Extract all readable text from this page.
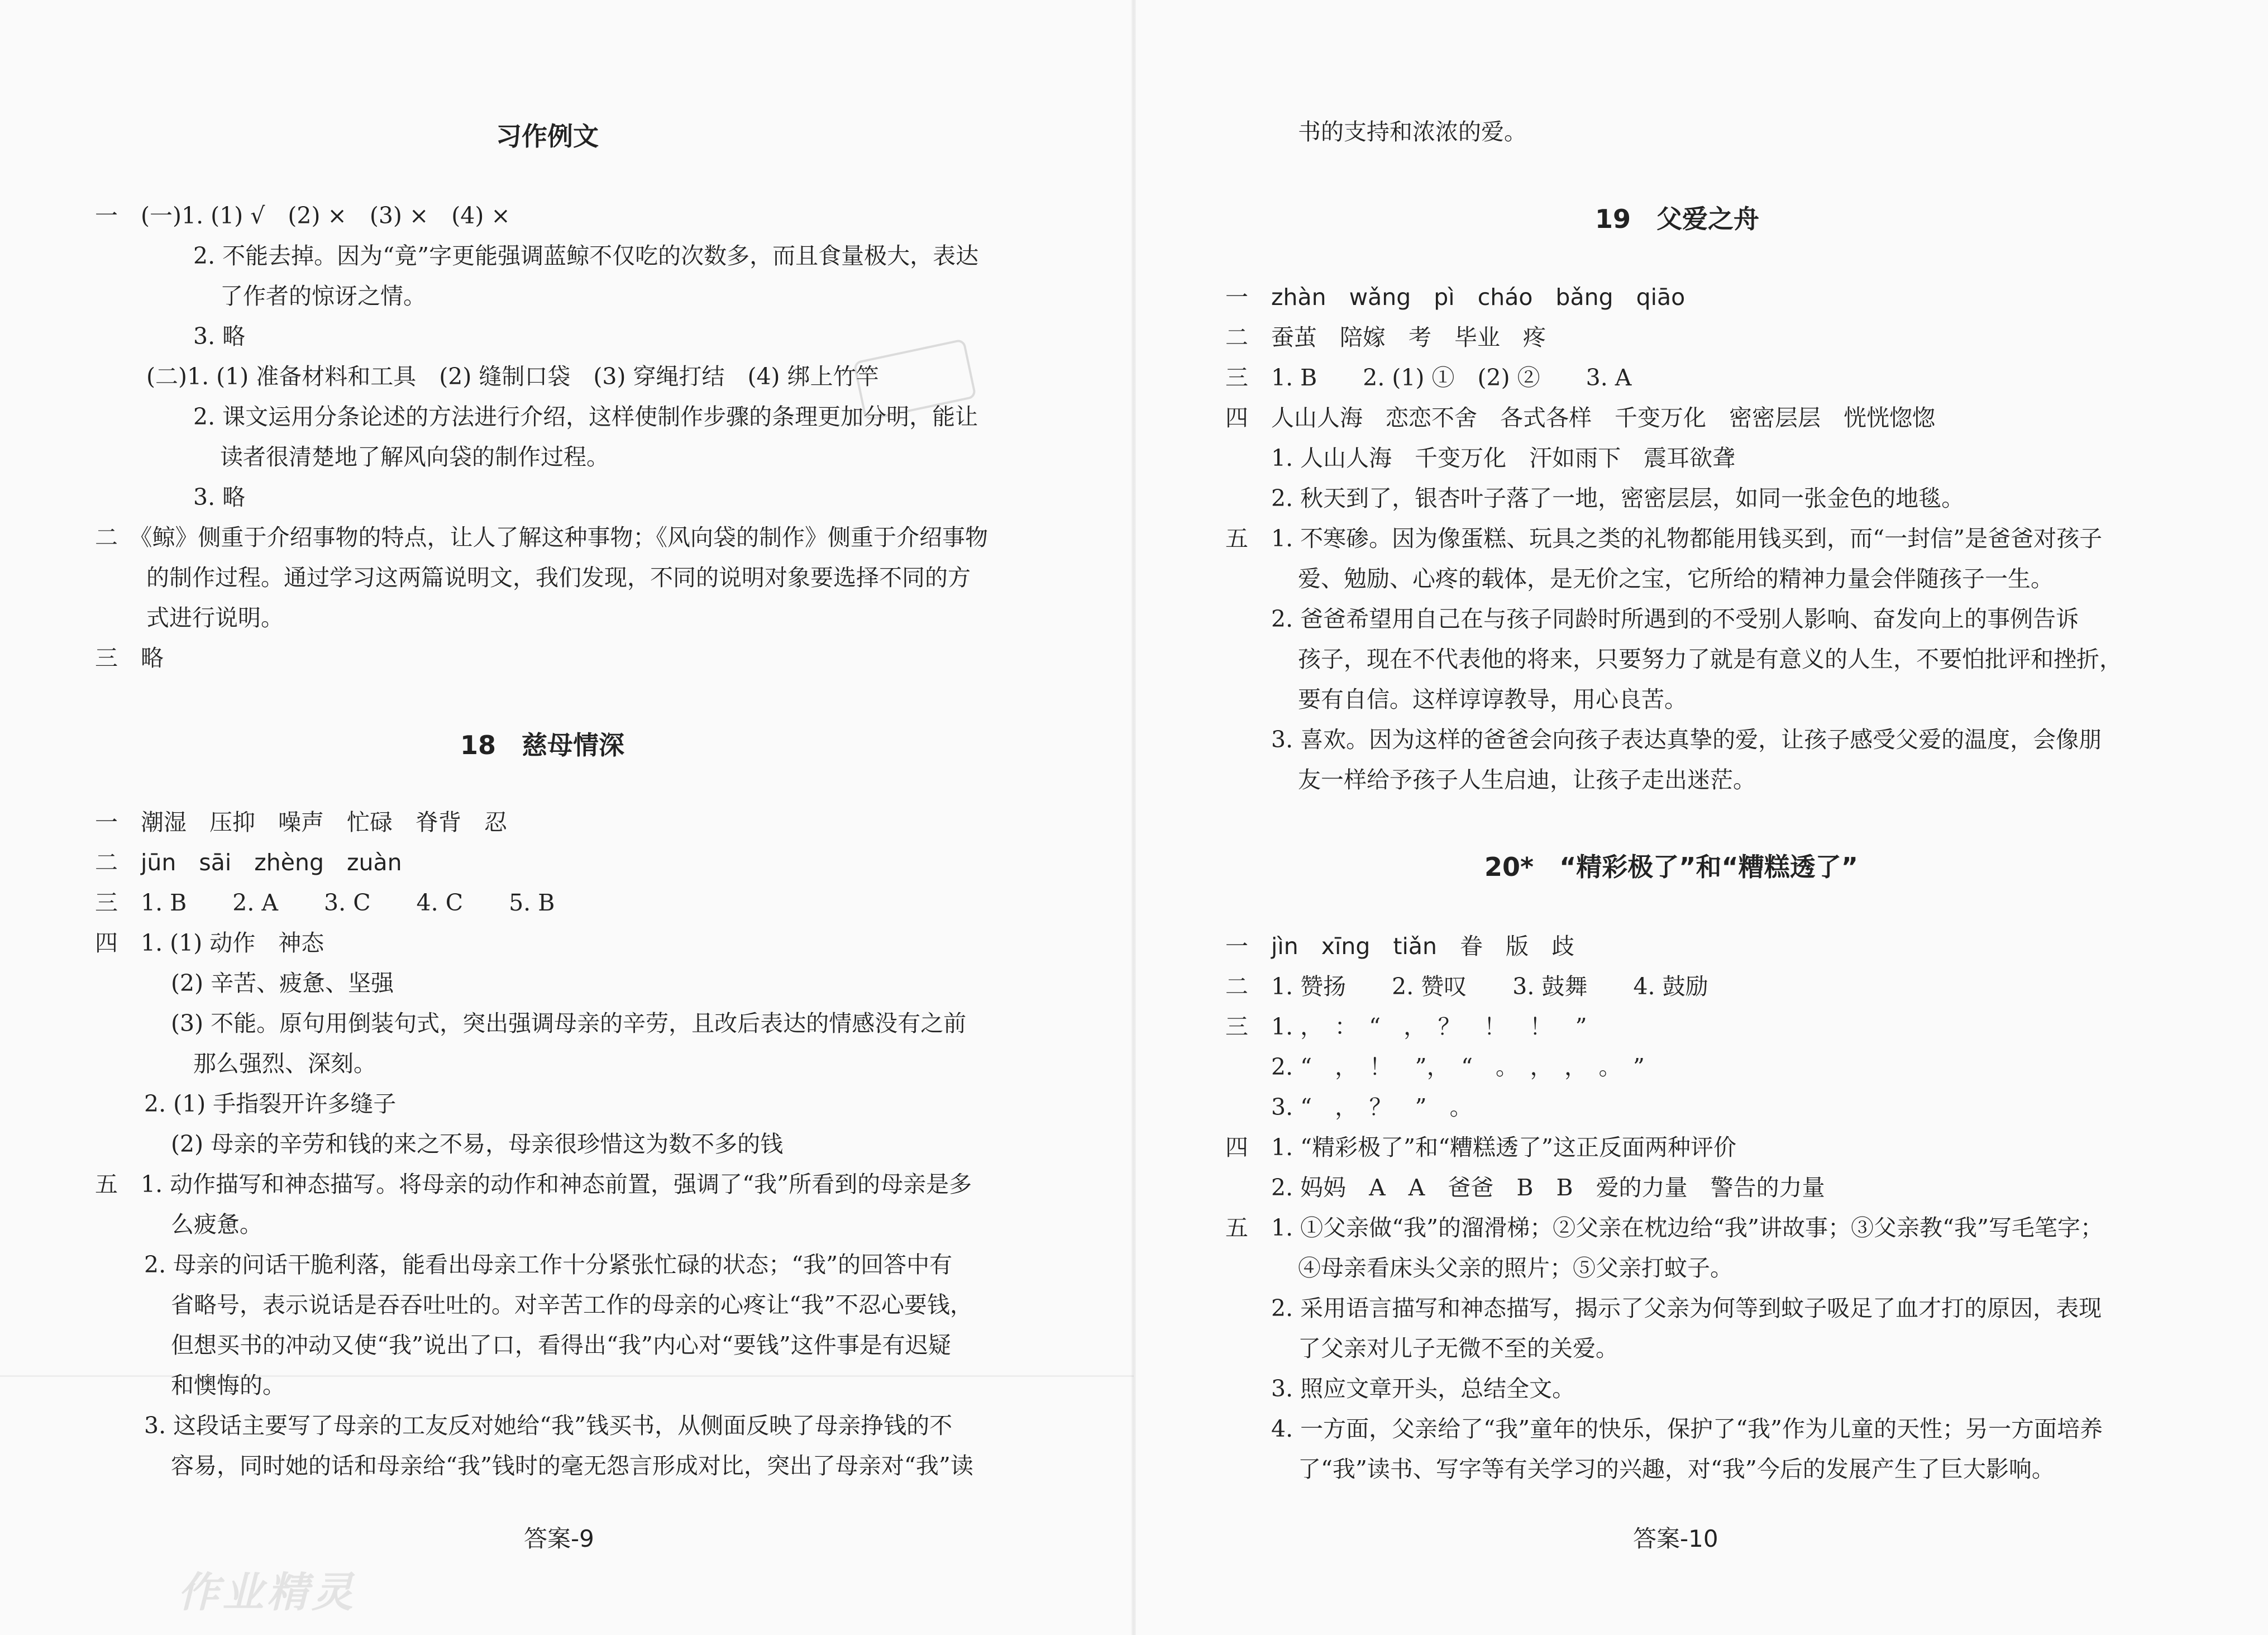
习作例文
一　(一)1. (1) √　(2) ×　(3) ×　(4) ×
2. 不能去掉。因为“竟”字更能强调蓝鲸不仅吃的次数多，而且食量极大，表达
了作者的惊讶之情。
3. 略
(二)1. (1) 准备材料和工具　(2) 缝制口袋　(3) 穿绳打结　(4) 绑上竹竿
2. 课文运用分条论述的方法进行介绍，这样使制作步骤的条理更加分明，能让
读者很清楚地了解风向袋的制作过程。
3. 略
二　《鲸》侧重于介绍事物的特点，让人了解这种事物；《风向袋的制作》侧重于介绍事物
的制作过程。通过学习这两篇说明文，我们发现，不同的说明对象要选择不同的方
式进行说明。
三　略
18　慈母情深
一　潮湿　压抑　噪声　忙碌　脊背　忍
二　jūn　sāi　zhèng　zuàn
三　1. B　　2. A　　3. C　　4. C　　5. B
四　1. (1) 动作　神态
(2) 辛苦、疲惫、坚强
(3) 不能。原句用倒装句式，突出强调母亲的辛劳，且改后表达的情感没有之前
那么强烈、深刻。
2. (1) 手指裂开许多缝子
(2) 母亲的辛劳和钱的来之不易，母亲很珍惜这为数不多的钱
五　1. 动作描写和神态描写。将母亲的动作和神态前置，强调了“我”所看到的母亲是多
么疲惫。
2. 母亲的问话干脆利落，能看出母亲工作十分紧张忙碌的状态；“我”的回答中有
省略号，表示说话是吞吞吐吐的。对辛苦工作的母亲的心疼让“我”不忍心要钱，
但想买书的冲动又使“我”说出了口，看得出“我”内心对“要钱”这件事是有迟疑
和懊悔的。
3. 这段话主要写了母亲的工友反对她给“我”钱买书，从侧面反映了母亲挣钱的不
容易，同时她的话和母亲给“我”钱时的毫无怨言形成对比，突出了母亲对“我”读
答案-9
书的支持和浓浓的爱。
19　父爱之舟
一　zhàn　wǎng　pì　cháo　bǎng　qiāo
二　蚕茧　陪嫁　考　毕业　疼
三　1. B　　2. (1) ①　(2) ②　　3. A
四　人山人海　恋恋不舍　各式各样　千变万化　密密层层　恍恍惚惚
1. 人山人海　千变万化　汗如雨下　震耳欲聋
2. 秋天到了，银杏叶子落了一地，密密层层，如同一张金色的地毯。
五　1. 不寒碜。因为像蛋糕、玩具之类的礼物都能用钱买到，而“一封信”是爸爸对孩子
爱、勉励、心疼的载体，是无价之宝，它所给的精神力量会伴随孩子一生。
2. 爸爸希望用自己在与孩子同龄时所遇到的不受别人影响、奋发向上的事例告诉
孩子，现在不代表他的将来，只要努力了就是有意义的人生，不要怕批评和挫折，
要有自信。这样谆谆教导，用心良苦。
3. 喜欢。因为这样的爸爸会向孩子表达真挚的爱，让孩子感受父爱的温度，会像朋
友一样给予孩子人生启迪，让孩子走出迷茫。
20*　“精彩极了”和“糟糕透了”
一　jìn　xīng　tiǎn　眷　版　歧
二　1. 赞扬　　2. 赞叹　　3. 鼓舞　　4. 鼓励
三　1. ，　：　“　，　？　！　！　”
2. “　，　！　”，　“　。　，　，　。　”
3. “　，　？　”　。
四　1. “精彩极了”和“糟糕透了”这正反面两种评价
2. 妈妈　A　A　爸爸　B　B　爱的力量　警告的力量
五　1. ①父亲做“我”的溜滑梯；②父亲在枕边给“我”讲故事；③父亲教“我”写毛笔字；
④母亲看床头父亲的照片；⑤父亲打蚊子。
2. 采用语言描写和神态描写，揭示了父亲为何等到蚊子吸足了血才打的原因，表现
了父亲对儿子无微不至的关爱。
3. 照应文章开头，总结全文。
4. 一方面，父亲给了“我”童年的快乐，保护了“我”作为儿童的天性；另一方面培养
了“我”读书、写字等有关学习的兴趣，对“我”今后的发展产生了巨大影响。
答案-10
作业精灵
